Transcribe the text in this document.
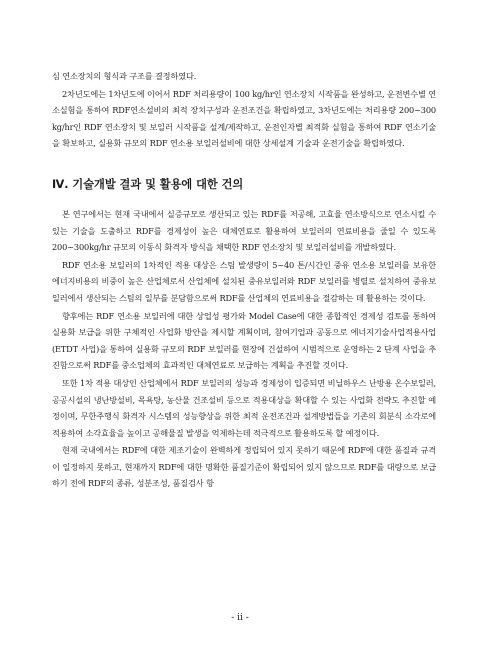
심 연소장치의 형식과 구조를 결정하였다.

2차년도에는 1차년도에 이어서 RDF 처리용량이 100 kg/hr인 연소장치 시작품을 완성하고, 운전변수별 연소실험을 통하여 RDF연소설비의 최적 장치구성과 운전조건을 확립하였고, 3차년도에는 처리용량 200~300 kg/hr인 RDF 연소장치 및 보일러 시작품을 설계/제작하고, 운전인자별 최적화 실험을 통하여 RDF 연소기술을 확보하고, 실용화 규모의 RDF 연소용 보일러설비에 대한 상세설계 기술과 운전기술을 확립하였다.

Ⅳ. 기술개발 결과 및 활용에 대한 건의

본 연구에서는 현재 국내에서 실증규모로 생산되고 있는 RDF를 저공해, 고효율 연소방식으로 연소시킬 수 있는 기술을 도출하고 RDF를 경제성이 높은 대체연료로 활용하여 보일러의 연료비용을 줄일 수 있도록 200~300kg/hr 규모의 이동식 화격자 방식을 채택한 RDF 연소장치 및 보일러설비를 개발하였다.

RDF 연소용 보일러의 1차적인 적용 대상은 스팀 발생량이 5~40 톤/시간인 중유 연소용 보일러를 보유한 에너지비용의 비중이 높은 산업체로서 산업체에 설치된 중유보일러와 RDF 보일러를 병렬로 설치하여 중유보일러에서 생산되는 스팀의 일부를 분담함으로써 RDF를 산업체의 연료비용을 절감하는 데 활용하는 것이다.

향후에는 RDF 연소용 보일러에 대한 상업성 평가와 Model Case에 대한 종합적인 경제성 검토를 통하여 실용화 보급을 위한 구체적인 사업화 방안을 제시할 계획이며, 참여기업과 공동으로 에너지기술사업적용사업(ETDT 사업)을 통하여 실용화 규모의 RDF 보일러를 현장에 건설하여 시범적으로 운영하는 2 단계 사업을 추진함으로써 RDF를 중소업체의 효과적인 대체연료로 보급하는 계획을 추진할 것이다.

또한 1차 적용 대상인 산업체에서 RDF 보일러의 성능과 경제성이 입증되면 비닐하우스 난방용 온수보일러, 공공시설의 냉난방설비, 목욕탕, 농산물 건조설비 등으로 적용대상을 확대할 수 있는 사업화 전략도 추진할 예정이며, 무한주행식 화격자 시스템의 성능향상을 위한 최적 운전조건과 설계방법들을 기존의 회분식 소각로에 적용하여 소각효율을 높이고 공해물질 발생을 억제하는데 적극적으로 활용하도록 할 예정이다.

현재 국내에서는 RDF에 대한 제조기술이 완벽하게 정립되어 있지 못하기 때문에 RDF에 대한 품질과 규격이 일정하지 못하고, 현재까지 RDF에 대한 명확한 품질기준이 확립되어 있지 않으므로 RDF를 대량으로 보급하기 전에 RDF의 종류, 성분조성, 품질검사 항

- ii -
